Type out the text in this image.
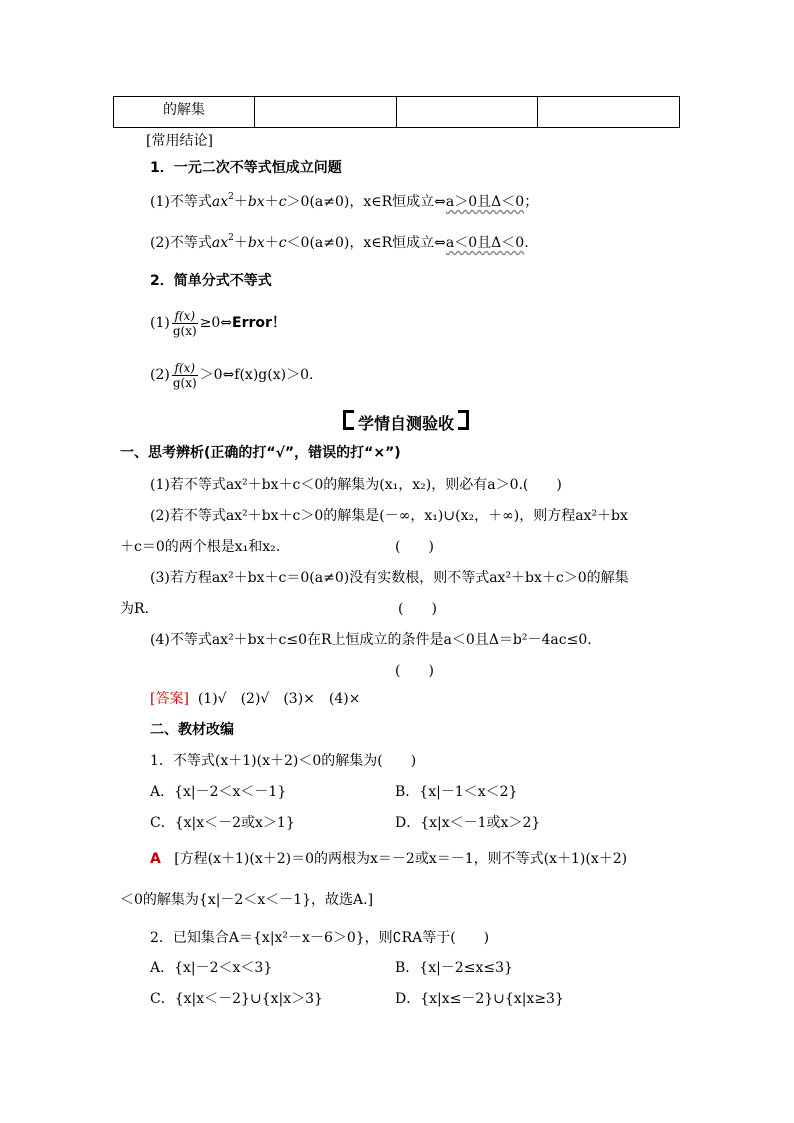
的解集			
[常用结论]
1．一元二次不等式恒成立问题
(1)不等式$ax^2+bx+c>0(a\ne 0)$，x∈R恒成立⇔a＞0且Δ＜0；
(2)不等式$ax^2+bx+c<0(a\ne 0)$，x∈R恒成立⇔a＜0且Δ＜0.
2．简单分式不等式
$(1) \frac{f(x)}{g(x)}$ ≥0⇔Error！
$(2) \frac{f(x)}{g(x)}$ ＞0⇔f(x)g(x)＞0.
学情自测验收
一、思考辨析(正确的打“√”，错误的打“×”)
(1)若不等式ax²＋bx＋c＜0的解集为(x₁，x₂)，则必有a＞0.(　　)
(2)若不等式ax²＋bx＋c＞0的解集是(－∞，x₁)∪(x₂，＋∞)，则方程ax²＋bx
＋c＝0的两个根是x₁和x₂.	(　　)
(3)若方程ax²＋bx＋c＝0(a≠0)没有实数根，则不等式ax²＋bx＋c＞0的解集
为R.	(　　)
(4)不等式ax²＋bx＋c≤0在R上恒成立的条件是a＜0且Δ＝b²－4ac≤0.
(　　)
[答案] (1)√　(2)√　(3)×　(4)×
二、教材改编
1．不等式(x＋1)(x＋2)＜0的解集为(　　)
A．{x|－2＜x＜－1}	B．{x|－1＜x＜2}
C．{x|x＜－2或x＞1}	D．{x|x＜－1或x＞2}
A [方程(x＋1)(x＋2)＝0的两根为x＝－2或x＝－1，则不等式(x＋1)(x＋2)
＜0的解集为{x|－2＜x＜－1}，故选A.]
2．已知集合A＝{x|x²－x－6＞0}，则∁RA等于(　　)
A．{x|－2＜x＜3}	B．{x|－2≤x≤3}
C．{x|x＜－2}∪{x|x＞3}	D．{x|x≤－2}∪{x|x≥3}
